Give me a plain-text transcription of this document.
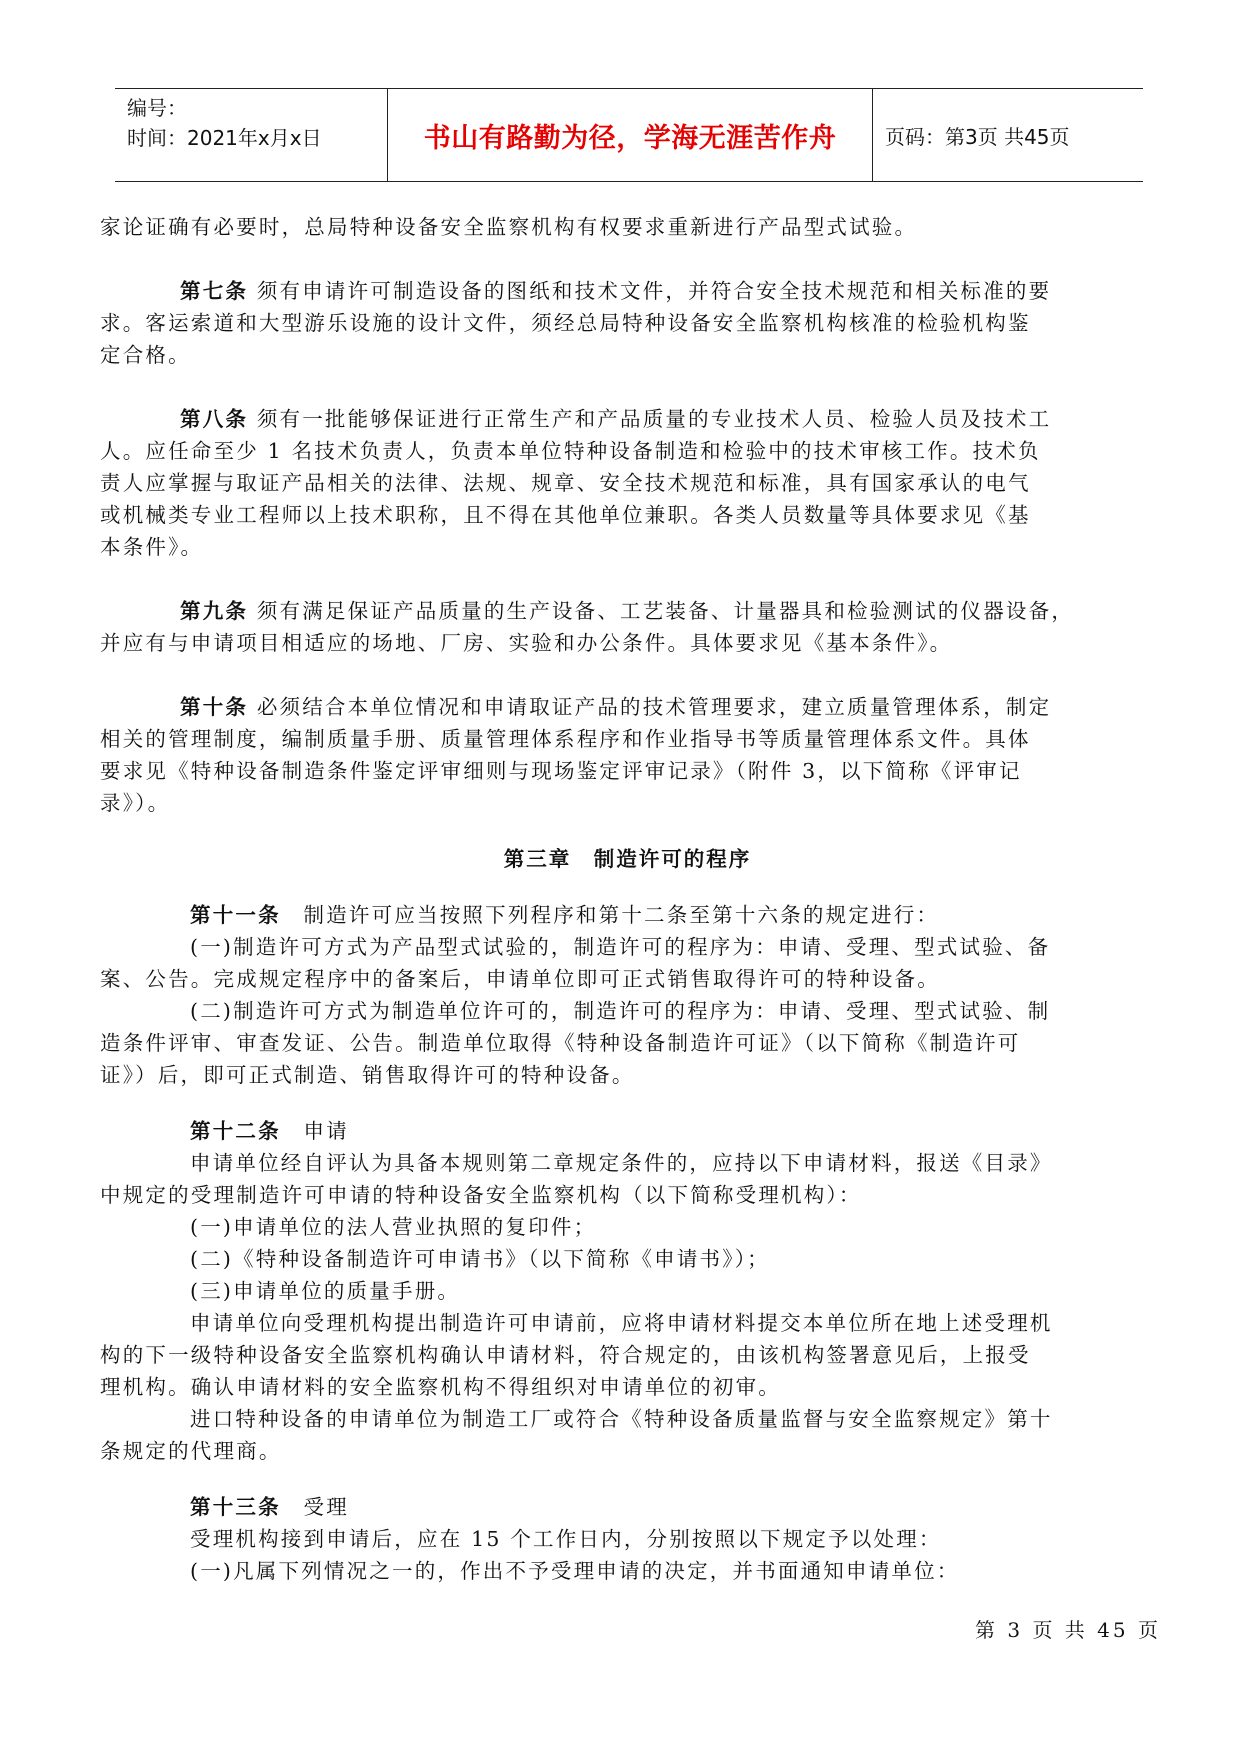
编号：
时间：2021年x月x日	书山有路勤为径，学海无涯苦作舟 页码：第3页 共45页

家论证确有必要时，总局特种设备安全监察机构有权要求重新进行产品型式试验。

第七条 须有申请许可制造设备的图纸和技术文件，并符合安全技术规范和相关标准的要

求。客运索道和大型游乐设施的设计文件，须经总局特种设备安全监察机构核准的检验机构鉴

定合格。

第八条 须有一批能够保证进行正常生产和产品质量的专业技术人员、检验人员及技术工

人。应任命至少 1 名技术负责人，负责本单位特种设备制造和检验中的技术审核工作。技术负

责人应掌握与取证产品相关的法律、法规、规章、安全技术规范和标准，具有国家承认的电气

或机械类专业工程师以上技术职称，且不得在其他单位兼职。各类人员数量等具体要求见《基

本条件》。

第九条 须有满足保证产品质量的生产设备、工艺装备、计量器具和检验测试的仪器设备，

并应有与申请项目相适应的场地、厂房、实验和办公条件。具体要求见《基本条件》。

第十条 必须结合本单位情况和申请取证产品的技术管理要求，建立质量管理体系，制定

相关的管理制度，编制质量手册、质量管理体系程序和作业指导书等质量管理体系文件。具体

要求见《特种设备制造条件鉴定评审细则与现场鉴定评审记录》（附件 3，以下简称《评审记

录》）。

第三章　制造许可的程序

第十一条　 制造许可应当按照下列程序和第十二条至第十六条的规定进行：

(一)制造许可方式为产品型式试验的，制造许可的程序为：申请、受理、型式试验、备

案、公告。完成规定程序中的备案后，申请单位即可正式销售取得许可的特种设备。

(二)制造许可方式为制造单位许可的，制造许可的程序为：申请、受理、型式试验、制

造条件评审、审查发证、公告。制造单位取得《特种设备制造许可证》（以下简称《制造许可

证》）后，即可正式制造、销售取得许可的特种设备。

第十二条　 申请

申请单位经自评认为具备本规则第二章规定条件的，应持以下申请材料，报送《目录》

中规定的受理制造许可申请的特种设备安全监察机构（以下简称受理机构）：

(一)申请单位的法人营业执照的复印件；

(二)《特种设备制造许可申请书》（以下简称《申请书》）；

(三)申请单位的质量手册。

申请单位向受理机构提出制造许可申请前，应将申请材料提交本单位所在地上述受理机

构的下一级特种设备安全监察机构确认申请材料，符合规定的，由该机构签署意见后，上报受

理机构。确认申请材料的安全监察机构不得组织对申请单位的初审。

进口特种设备的申请单位为制造工厂或符合《特种设备质量监督与安全监察规定》第十

条规定的代理商。

第十三条　 受理

受理机构接到申请后，应在 15 个工作日内，分别按照以下规定予以处理：

(一)凡属下列情况之一的，作出不予受理申请的决定，并书面通知申请单位：

第 3 页 共 45 页
